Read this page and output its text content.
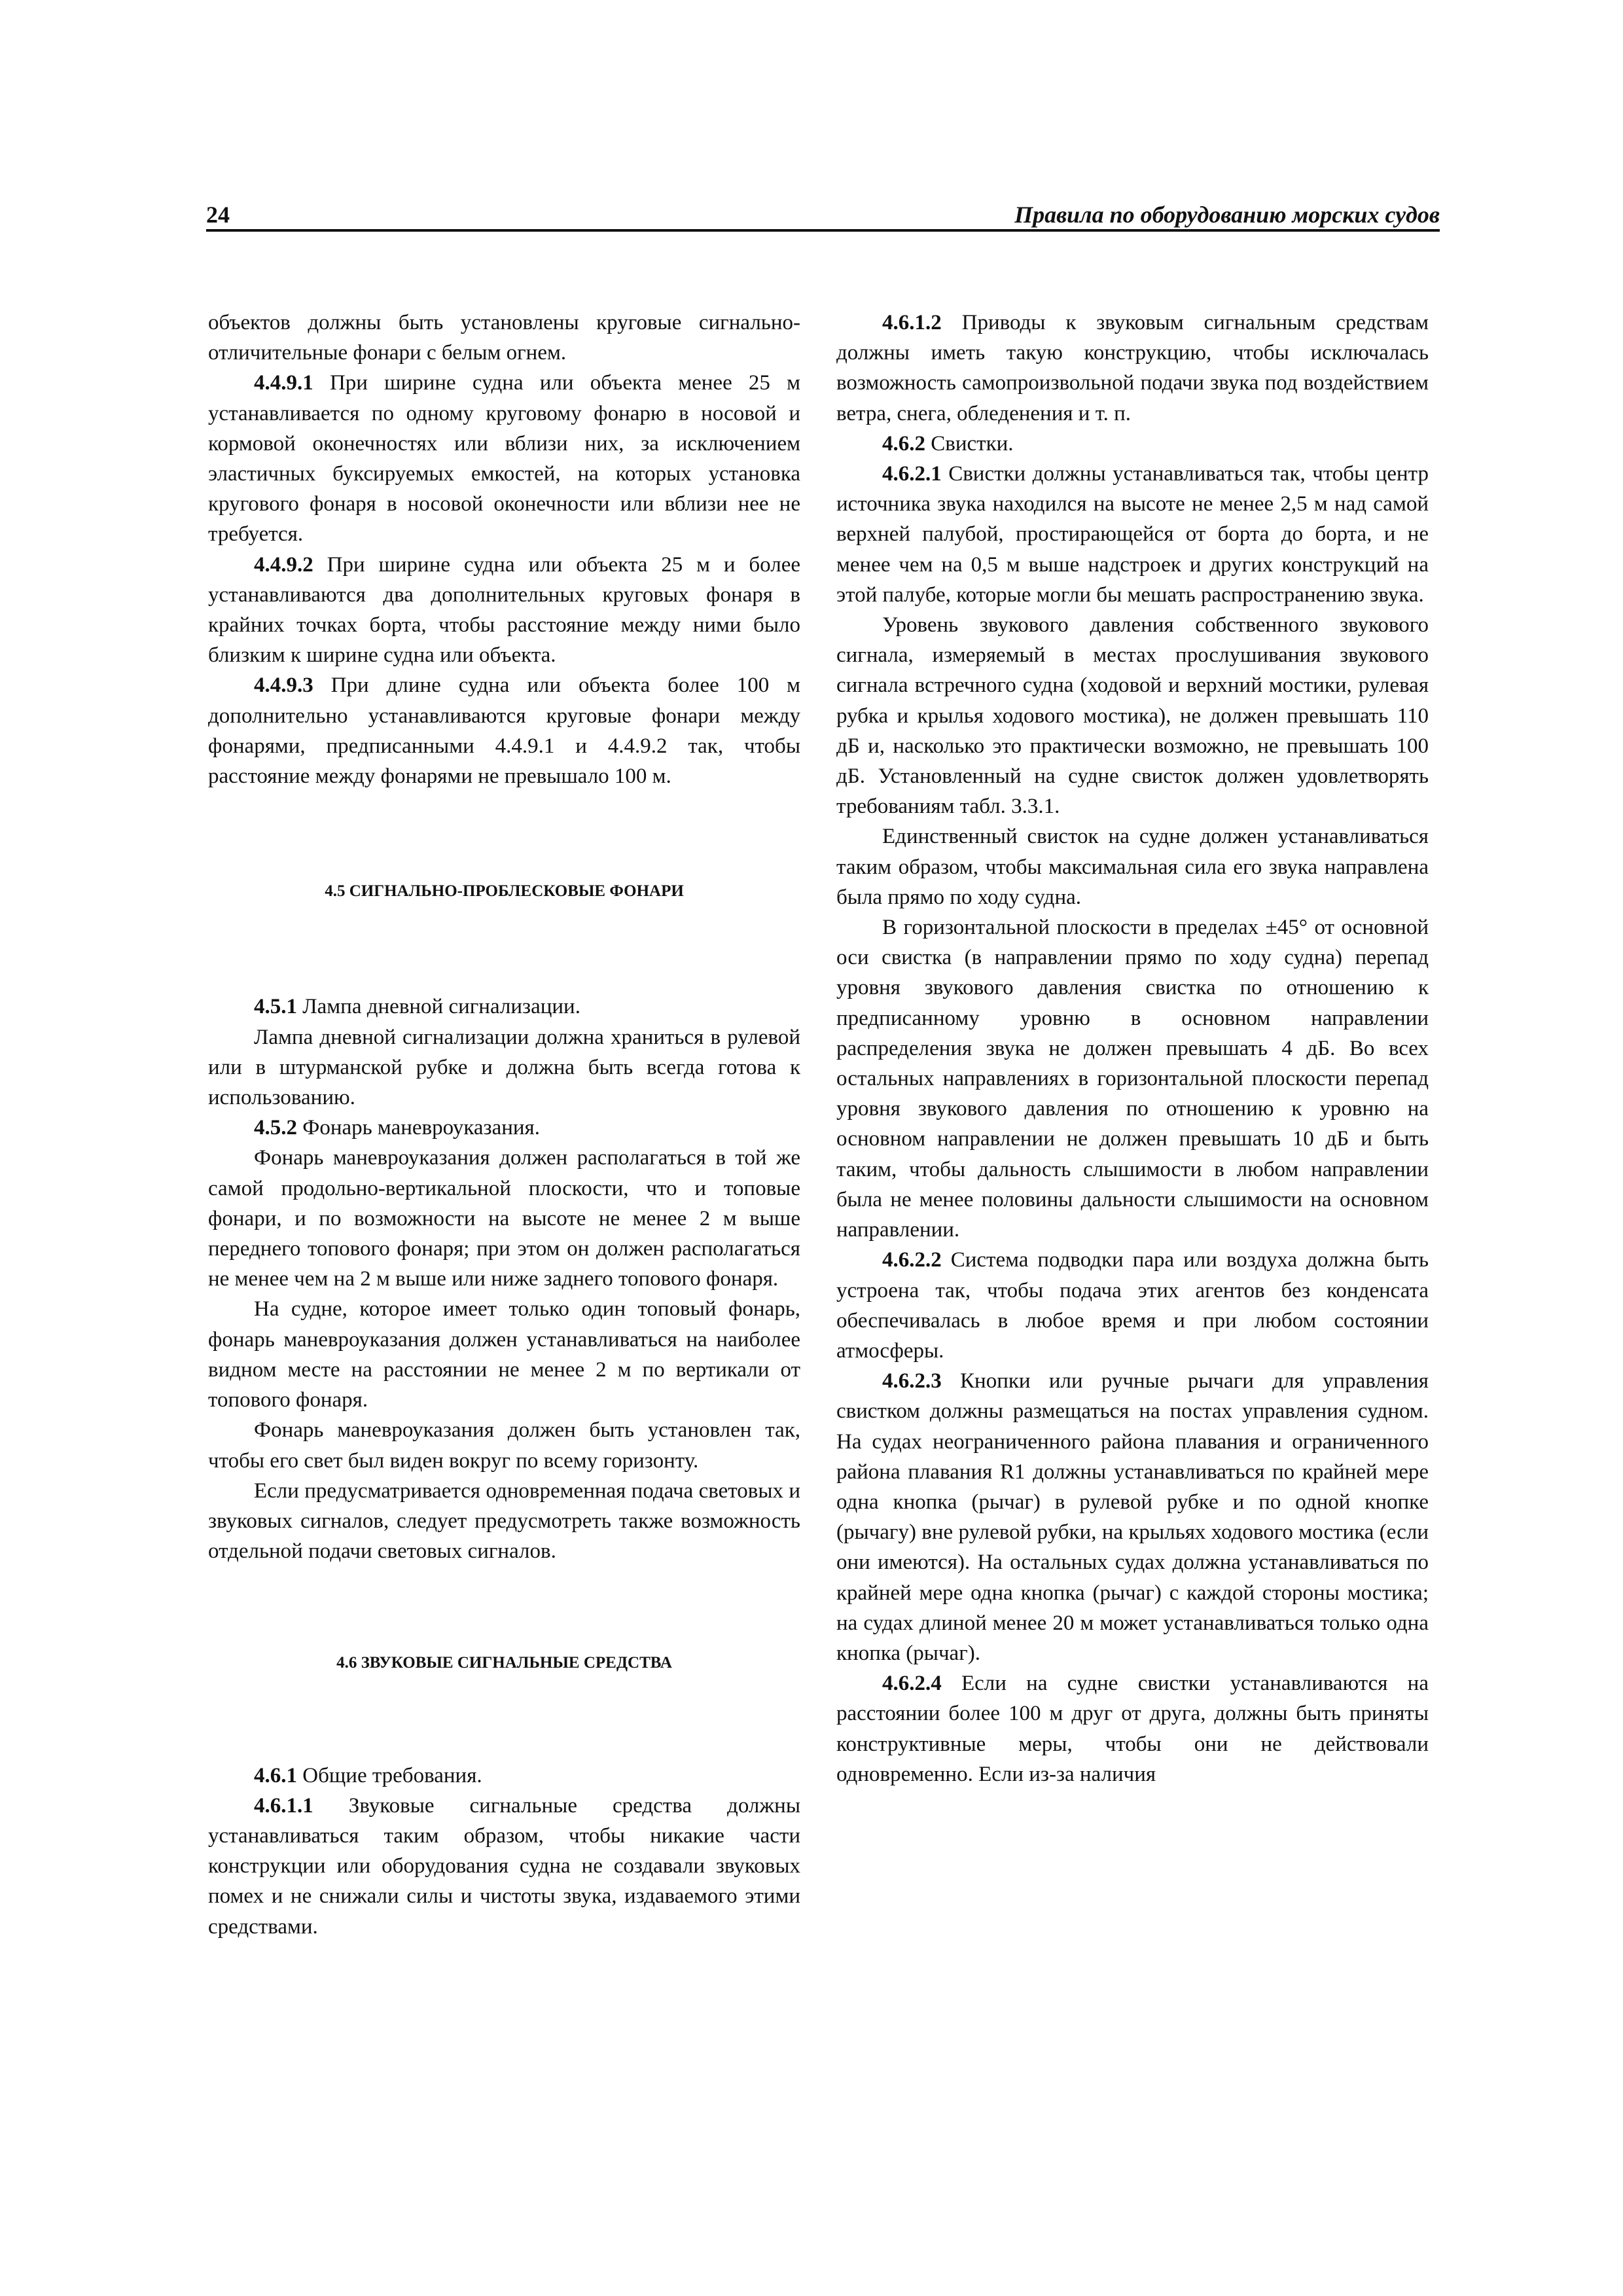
24	Правила по оборудованию морских судов

объектов должны быть установлены круговые сигнально-отличительные фонари с белым огнем.

4.4.9.1 При ширине судна или объекта менее 25 м устанавливается по одному круговому фонарю в носовой и кормовой оконечностях или вблизи них, за исключением эластичных буксируемых емкостей, на которых установка кругового фонаря в носовой оконечности или вблизи нее не требуется.

4.4.9.2 При ширине судна или объекта 25 м и более устанавливаются два дополнительных круговых фонаря в крайних точках борта, чтобы расстояние между ними было близким к ширине судна или объекта.

4.4.9.3 При длине судна или объекта более 100 м дополнительно устанавливаются круговые фонари между фонарями, предписанными 4.4.9.1 и 4.4.9.2 так, чтобы расстояние между фонарями не превышало 100 м.

4.5 СИГНАЛЬНО-ПРОБЛЕСКОВЫЕ ФОНАРИ

4.5.1 Лампа дневной сигнализации.

Лампа дневной сигнализации должна храниться в рулевой или в штурманской рубке и должна быть всегда готова к использованию.

4.5.2 Фонарь маневроуказания.

Фонарь маневроуказания должен располагаться в той же самой продольно-вертикальной плоскости, что и топовые фонари, и по возможности на высоте не менее 2 м выше переднего топового фонаря; при этом он должен располагаться не менее чем на 2 м выше или ниже заднего топового фонаря.

На судне, которое имеет только один топовый фонарь, фонарь маневроуказания должен устанавливаться на наиболее видном месте на расстоянии не менее 2 м по вертикали от топового фонаря.

Фонарь маневроуказания должен быть установлен так, чтобы его свет был виден вокруг по всему горизонту.

Если предусматривается одновременная подача световых и звуковых сигналов, следует предусмотреть также возможность отдельной подачи световых сигналов.

4.6 ЗВУКОВЫЕ СИГНАЛЬНЫЕ СРЕДСТВА

4.6.1 Общие требования.

4.6.1.1 Звуковые сигнальные средства должны устанавливаться таким образом, чтобы никакие части конструкции или оборудования судна не создавали звуковых помех и не снижали силы и чистоты звука, издаваемого этими средствами.

4.6.1.2 Приводы к звуковым сигнальным средствам должны иметь такую конструкцию, чтобы исключалась возможность самопроизвольной подачи звука под воздействием ветра, снега, обледенения и т. п.

4.6.2 Свистки.

4.6.2.1 Свистки должны устанавливаться так, чтобы центр источника звука находился на высоте не менее 2,5 м над самой верхней палубой, простирающейся от борта до борта, и не менее чем на 0,5 м выше надстроек и других конструкций на этой палубе, которые могли бы мешать распространению звука.

Уровень звукового давления собственного звукового сигнала, измеряемый в местах прослушивания звукового сигнала встречного судна (ходовой и верхний мостики, рулевая рубка и крылья ходового мостика), не должен превышать 110 дБ и, насколько это практически возможно, не превышать 100 дБ. Установленный на судне свисток должен удовлетворять требованиям табл. 3.3.1.

Единственный свисток на судне должен устанавливаться таким образом, чтобы максимальная сила его звука направлена была прямо по ходу судна.

В горизонтальной плоскости в пределах ±45° от основной оси свистка (в направлении прямо по ходу судна) перепад уровня звукового давления свистка по отношению к предписанному уровню в основном направлении распределения звука не должен превышать 4 дБ. Во всех остальных направлениях в горизонтальной плоскости перепад уровня звукового давления по отношению к уровню на основном направлении не должен превышать 10 дБ и быть таким, чтобы дальность слышимости в любом направлении была не менее половины дальности слышимости на основном направлении.

4.6.2.2 Система подводки пара или воздуха должна быть устроена так, чтобы подача этих агентов без конденсата обеспечивалась в любое время и при любом состоянии атмосферы.

4.6.2.3 Кнопки или ручные рычаги для управления свистком должны размещаться на постах управления судном. На судах неограниченного района плавания и ограниченного района плавания R1 должны устанавливаться по крайней мере одна кнопка (рычаг) в рулевой рубке и по одной кнопке (рычагу) вне рулевой рубки, на крыльях ходового мостика (если они имеются). На остальных судах должна устанавливаться по крайней мере одна кнопка (рычаг) с каждой стороны мостика; на судах длиной менее 20 м может устанавливаться только одна кнопка (рычаг).

4.6.2.4 Если на судне свистки устанавливаются на расстоянии более 100 м друг от друга, должны быть приняты конструктивные меры, чтобы они не действовали одновременно. Если из-за наличия
